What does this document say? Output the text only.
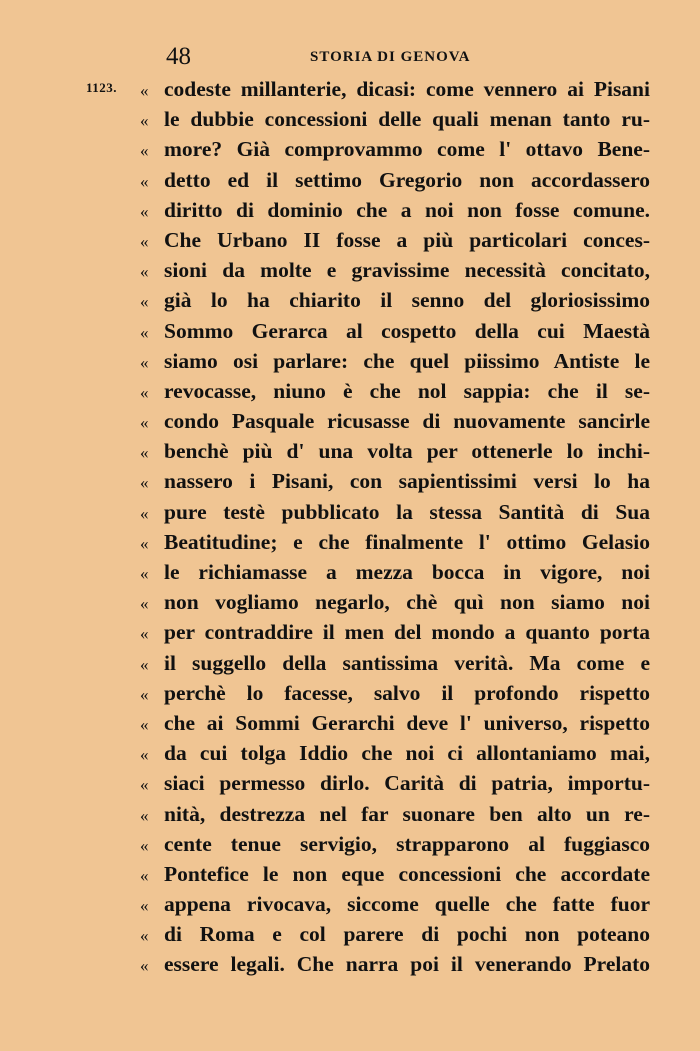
48	STORIA DI GENOVA
1123. « codeste millanterie, dicasi: come vennero ai Pisani
« le dubbie concessioni delle quali menan tanto ru-
« more? Già comprovammo come l' ottavo Bene-
« detto ed il settimo Gregorio non accordassero
« diritto di dominio che a noi non fosse comune.
« Che Urbano II fosse a più particolari conces-
« sioni da molte e gravissime necessità concitato,
« già lo ha chiarito il senno del gloriosissimo
« Sommo Gerarca al cospetto della cui Maestà
« siamo osi parlare: che quel piissimo Antiste le
« revocasse, niuno è che nol sappia: che il se-
« condo Pasquale ricusasse di nuovamente sancirle
« benchè più d' una volta per ottenerle lo inchi-
« nassero i Pisani, con sapientissimi versi lo ha
« pure testè pubblicato la stessa Santità di Sua
« Beatitudine; e che finalmente l' ottimo Gelasio
« le richiamasse a mezza bocca in vigore, noi
« non vogliamo negarlo, chè quì non siamo noi
« per contraddire il men del mondo a quanto porta
« il suggello della santissima verità. Ma come e
« perchè lo facesse, salvo il profondo rispetto
« che ai Sommi Gerarchi deve l' universo, rispetto
« da cui tolga Iddio che noi ci allontaniamo mai,
« siaci permesso dirlo. Carità di patria, importu-
« nità, destrezza nel far suonare ben alto un re-
« cente tenue servigio, strapparono al fuggiasco
« Pontefice le non eque concessioni che accordate
« appena rivocava, siccome quelle che fatte fuor
« di Roma e col parere di pochi non poteano
« essere legali. Che narra poi il venerando Prelato
